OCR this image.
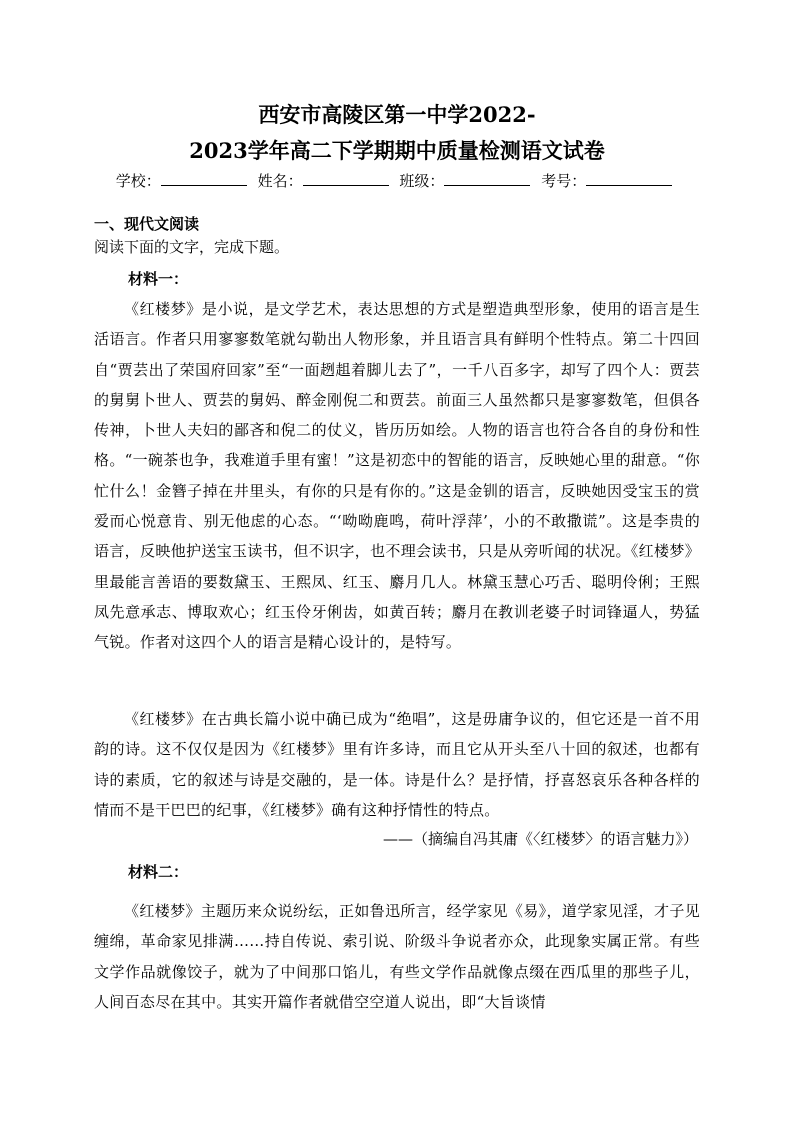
西安市高陵区第一中学2022-
2023学年高二下学期期中质量检测语文试卷
学校：	姓名：	班级：	考号：
一、现代文阅读
阅读下面的文字，完成下题。
材料一：

《红楼梦》是小说，是文学艺术，表达思想的方式是塑造典型形象，使用的语言是生活语言。作者只用寥寥数笔就勾勒出人物形象，并且语言具有鲜明个性特点。第二十四回自“贾芸出了荣国府回家”至“一面趔趄着脚儿去了”，一千八百多字，却写了四个人：贾芸的舅舅卜世人、贾芸的舅妈、醉金刚倪二和贾芸。前面三人虽然都只是寥寥数笔，但俱各传神，卜世人夫妇的鄙吝和倪二的仗义，皆历历如绘。人物的语言也符合各自的身份和性格。“一碗茶也争，我难道手里有蜜！”这是初恋中的智能的语言，反映她心里的甜意。“你忙什么！金簪子掉在井里头，有你的只是有你的。”这是金钏的语言，反映她因受宝玉的赏爱而心悦意肯、别无他虑的心态。“‘呦呦鹿鸣，荷叶浮萍’，小的不敢撒谎”。这是李贵的语言，反映他护送宝玉读书，但不识字，也不理会读书，只是从旁听闻的状况。《红楼梦》里最能言善语的要数黛玉、王熙凤、红玉、麝月几人。林黛玉慧心巧舌、聪明伶俐；王熙凤先意承志、博取欢心；红玉伶牙俐齿，如黄百转；麝月在教训老婆子时词锋逼人，势猛气锐。作者对这四个人的语言是精心设计的，是特写。

《红楼梦》在古典长篇小说中确已成为“绝唱”，这是毋庸争议的，但它还是一首不用韵的诗。这不仅仅是因为《红楼梦》里有许多诗，而且它从开头至八十回的叙述，也都有诗的素质，它的叙述与诗是交融的，是一体。诗是什么？是抒情，抒喜怒哀乐各种各样的情而不是干巴巴的纪事，《红楼梦》确有这种抒情性的特点。

——（摘编自冯其庸《〈红楼梦〉的语言魅力》）
材料二：

《红楼梦》主题历来众说纷纭，正如鲁迅所言，经学家见《易》，道学家见淫，才子见缠绵，革命家见排满……持自传说、索引说、阶级斗争说者亦众，此现象实属正常。有些文学作品就像饺子，就为了中间那口馅儿，有些文学作品就像点缀在西瓜里的那些子儿，人间百态尽在其中。其实开篇作者就借空空道人说出，即“大旨谈情
